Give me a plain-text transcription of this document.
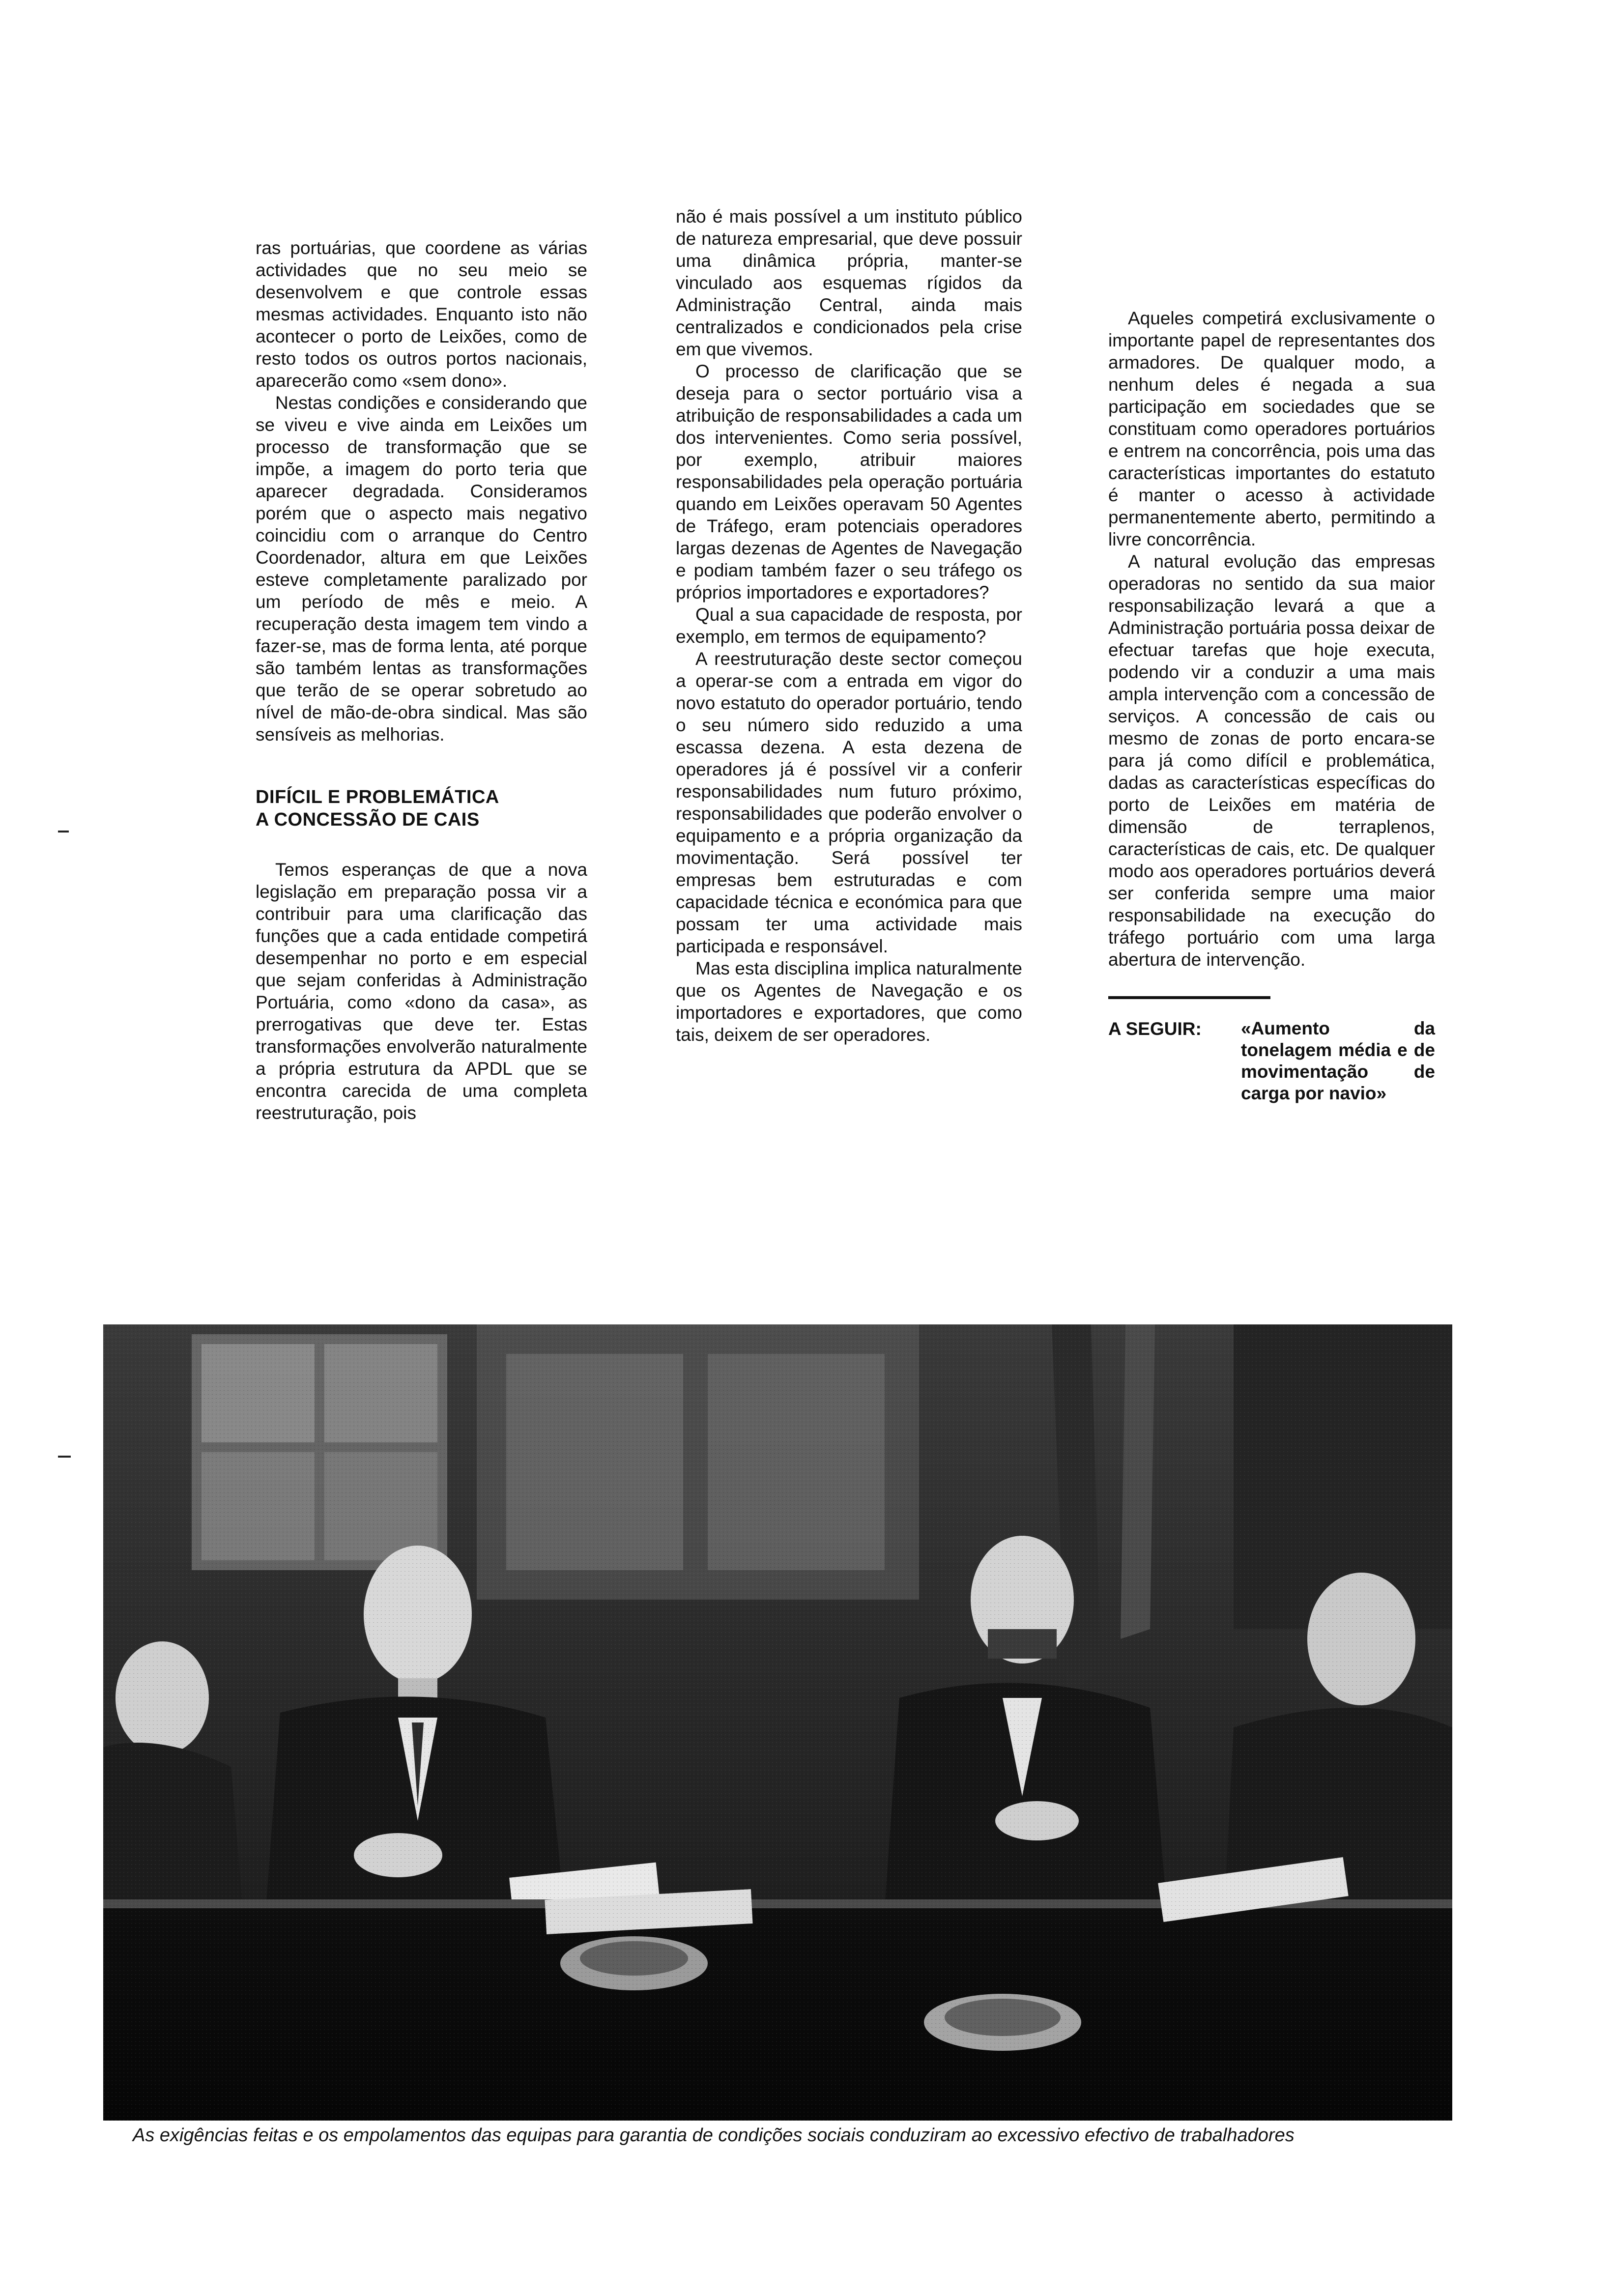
ras portuárias, que coordene as várias actividades que no seu meio se desenvolvem e que controle essas mesmas actividades. Enquanto isto não acontecer o porto de Leixões, como de resto todos os outros portos nacionais, aparecerão como «sem dono».

Nestas condições e considerando que se viveu e vive ainda em Leixões um processo de transformação que se impõe, a imagem do porto teria que aparecer degradada. Consideramos porém que o aspecto mais negativo coincidiu com o arranque do Centro Coordenador, altura em que Leixões esteve completamente paralizado por um período de mês e meio. A recuperação desta imagem tem vindo a fazer-se, mas de forma lenta, até porque são também lentas as transformações que terão de se operar sobretudo ao nível de mão-de-obra sindical. Mas são sensíveis as melhorias.

DIFÍCIL E PROBLEMÁTICA
A CONCESSÃO DE CAIS

Temos esperanças de que a nova legislação em preparação possa vir a contribuir para uma clarificação das funções que a cada entidade competirá desempenhar no porto e em especial que sejam conferidas à Administração Portuária, como «dono da casa», as prerrogativas que deve ter. Estas transformações envolverão naturalmente a própria estrutura da APDL que se encontra carecida de uma completa reestruturação, pois

não é mais possível a um instituto público de natureza empresarial, que deve possuir uma dinâmica própria, manter-se vinculado aos esquemas rígidos da Administração Central, ainda mais centralizados e condicionados pela crise em que vivemos.

O processo de clarificação que se deseja para o sector portuário visa a atribuição de responsabilidades a cada um dos intervenientes. Como seria possível, por exemplo, atribuir maiores responsabilidades pela operação portuária quando em Leixões operavam 50 Agentes de Tráfego, eram potenciais operadores largas dezenas de Agentes de Navegação e podiam também fazer o seu tráfego os próprios importadores e exportadores?

Qual a sua capacidade de resposta, por exemplo, em termos de equipamento?

A reestruturação deste sector começou a operar-se com a entrada em vigor do novo estatuto do operador portuário, tendo o seu número sido reduzido a uma escassa dezena. A esta dezena de operadores já é possível vir a conferir responsabilidades num futuro próximo, responsabilidades que poderão envolver o equipamento e a própria organização da movimentação. Será possível ter empresas bem estruturadas e com capacidade técnica e económica para que possam ter uma actividade mais participada e responsável.

Mas esta disciplina implica naturalmente que os Agentes de Navegação e os importadores e exportadores, que como tais, deixem de ser operadores.

Aqueles competirá exclusivamente o importante papel de representantes dos armadores. De qualquer modo, a nenhum deles é negada a sua participação em sociedades que se constituam como operadores portuários e entrem na concorrência, pois uma das características importantes do estatuto é manter o acesso à actividade permanentemente aberto, permitindo a livre concorrência.

A natural evolução das empresas operadoras no sentido da sua maior responsabilização levará a que a Administração portuária possa deixar de efectuar tarefas que hoje executa, podendo vir a conduzir a uma mais ampla intervenção com a concessão de serviços. A concessão de cais ou mesmo de zonas de porto encara-se para já como difícil e problemática, dadas as características específicas do porto de Leixões em matéria de dimensão de terraplenos, características de cais, etc. De qualquer modo aos operadores portuários deverá ser conferida sempre uma maior responsabilidade na execução do tráfego portuário com uma larga abertura de intervenção.

A SEGUIR:	«Aumento da tonelagem média e de movimentação de carga por navio»
As exigências feitas e os empolamentos das equipas para garantia de condições sociais conduziram ao excessivo efectivo de trabalhadores
